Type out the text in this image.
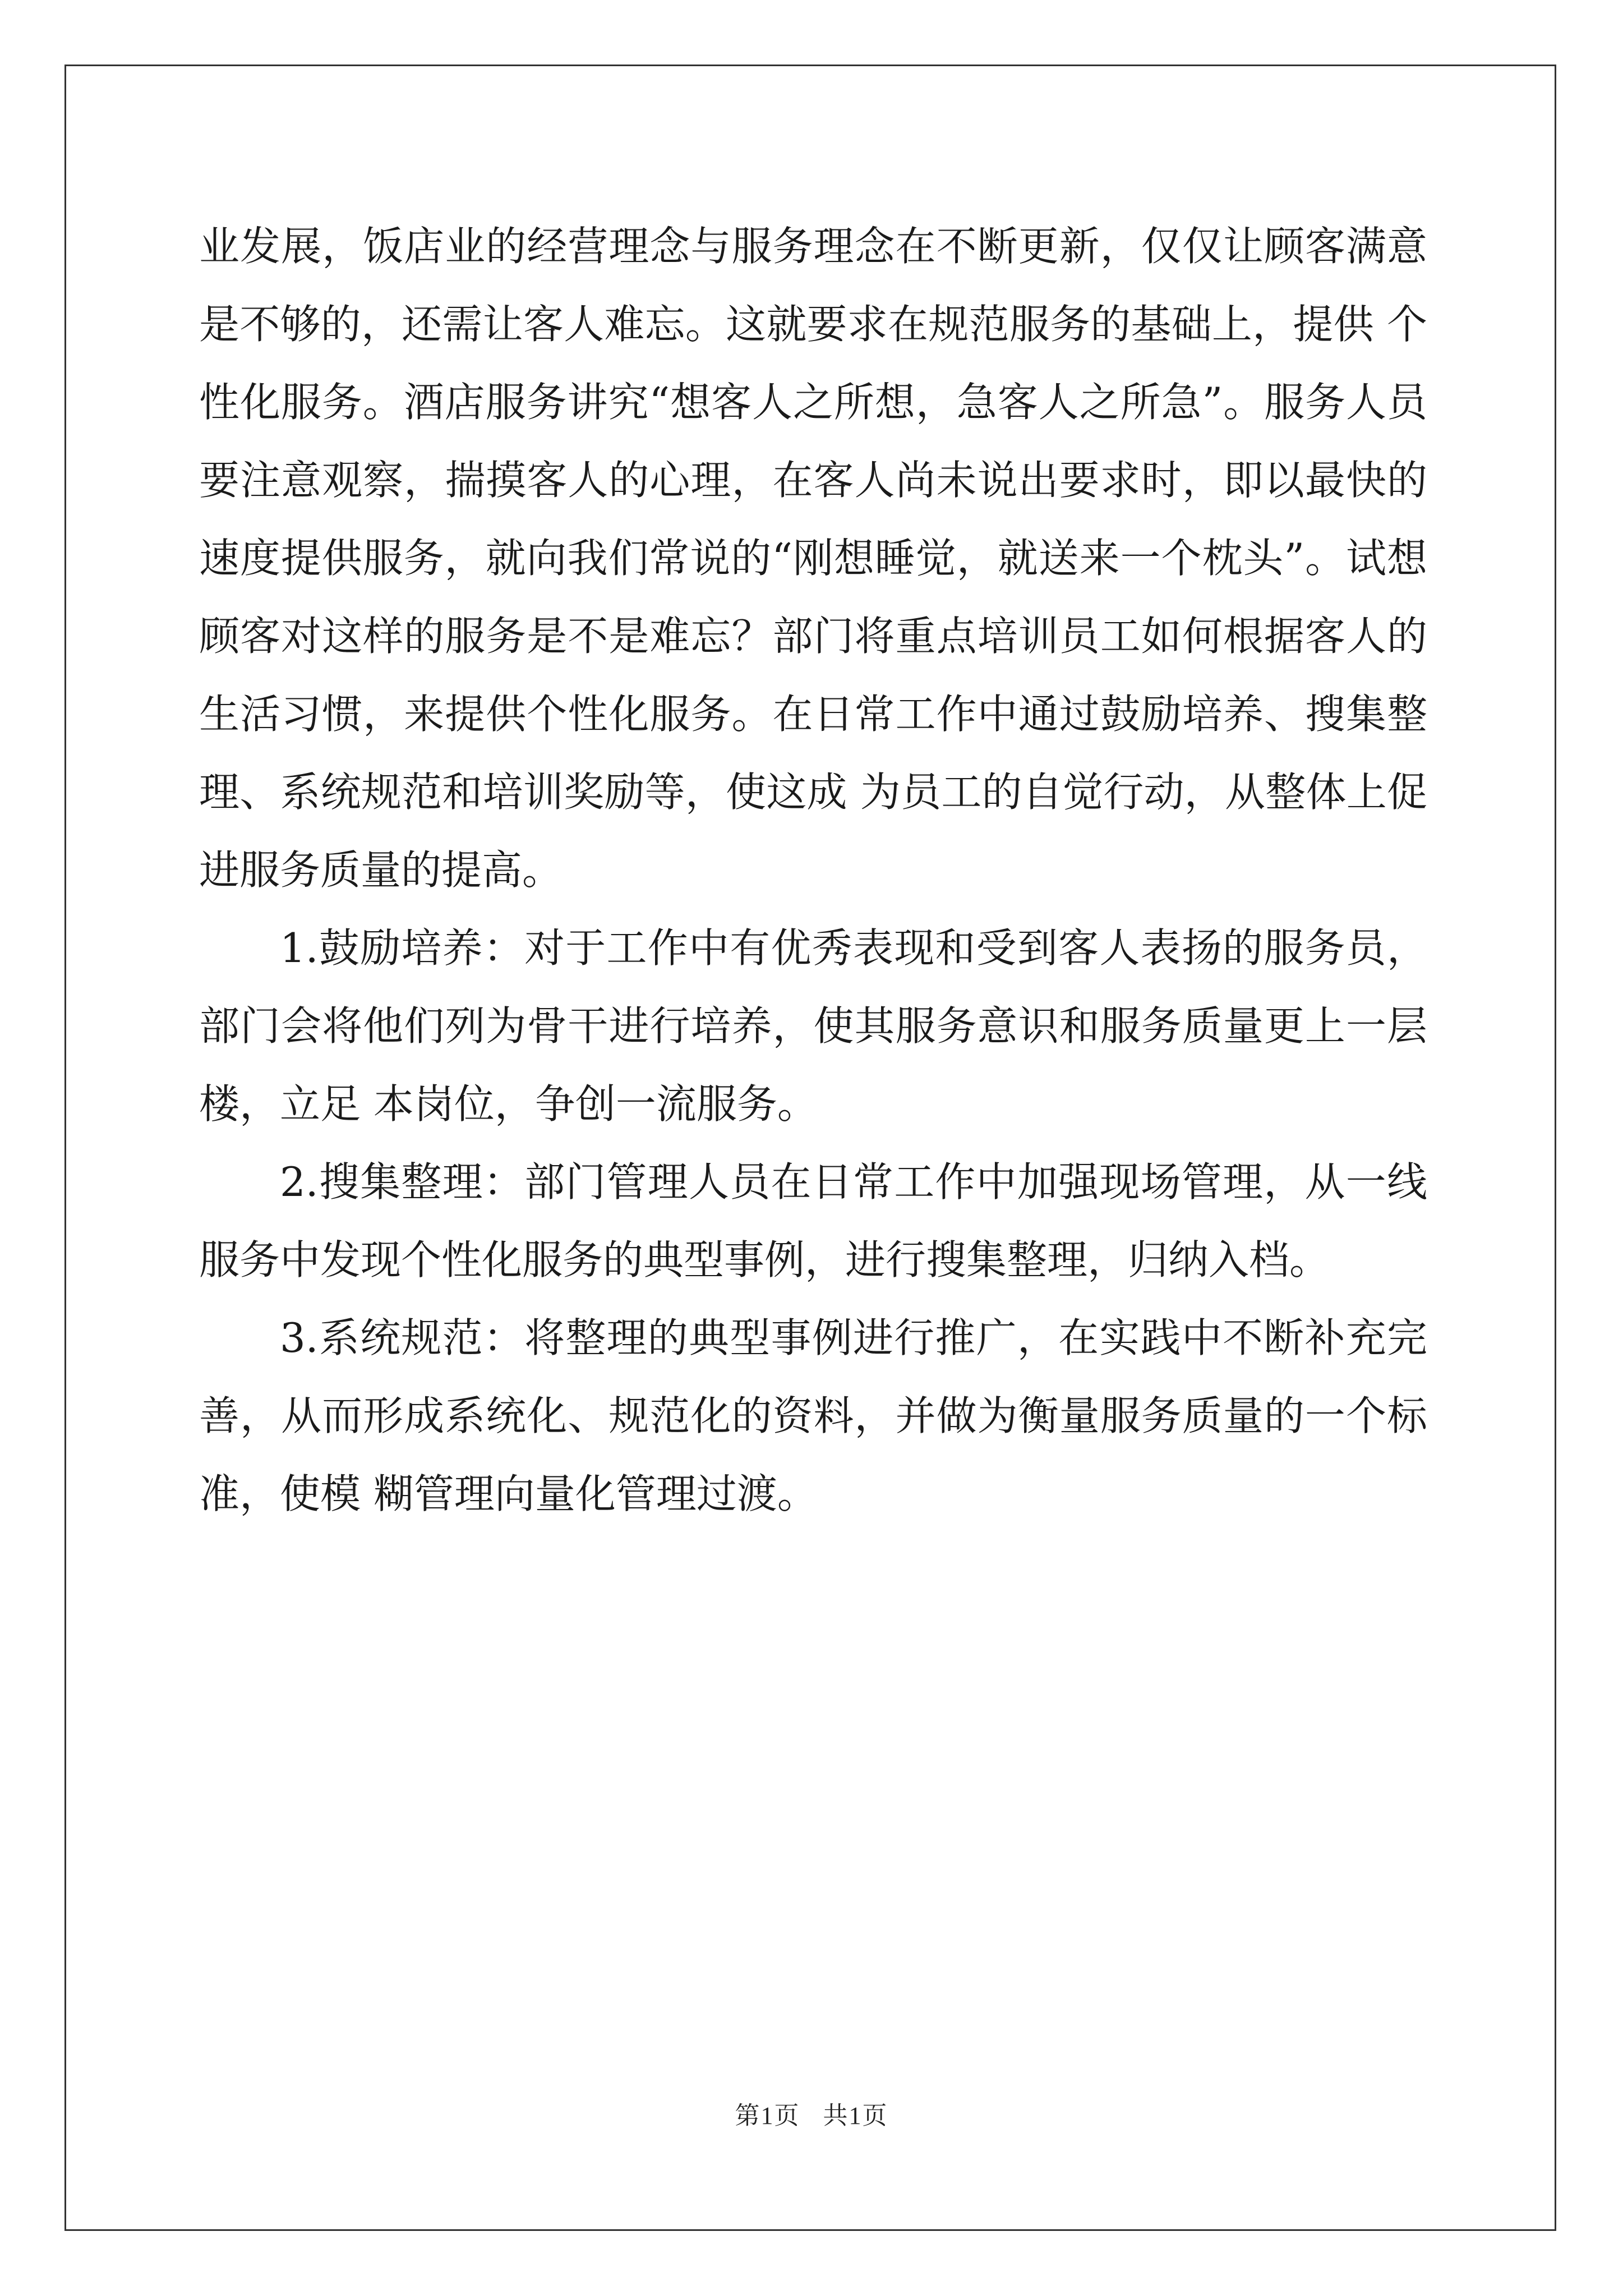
业发展，饭店业的经营理念与服务理念在不断更新，仅仅让顾客满意
是不够的，还需让客人难忘。这就要求在规范服务的基础上，提供 个
性化服务。酒店服务讲究“想客人之所想，急客人之所急”。服务人员
要注意观察，揣摸客人的心理，在客人尚未说出要求时，即以最快的
速度提供服务，就向我们常说的“刚想睡觉，就送来一个枕头”。试想
顾客对这样的服务是不是难忘？部门将重点培训员工如何根据客人的
生活习惯，来提供个性化服务。在日常工作中通过鼓励培养、搜集整
理、系统规范和培训奖励等，使这成 为员工的自觉行动，从整体上促
进服务质量的提高。
1.鼓励培养：对于工作中有优秀表现和受到客人表扬的服务员，
部门会将他们列为骨干进行培养，使其服务意识和服务质量更上一层
楼，立足 本岗位，争创一流服务。
2.搜集整理：部门管理人员在日常工作中加强现场管理，从一线
服务中发现个性化服务的典型事例，进行搜集整理，归纳入档。
3.系统规范：将整理的典型事例进行推广，在实践中不断补充完
善，从而形成系统化、规范化的资料，并做为衡量服务质量的一个标
准，使模 糊管理向量化管理过渡。
第1页 共1页
